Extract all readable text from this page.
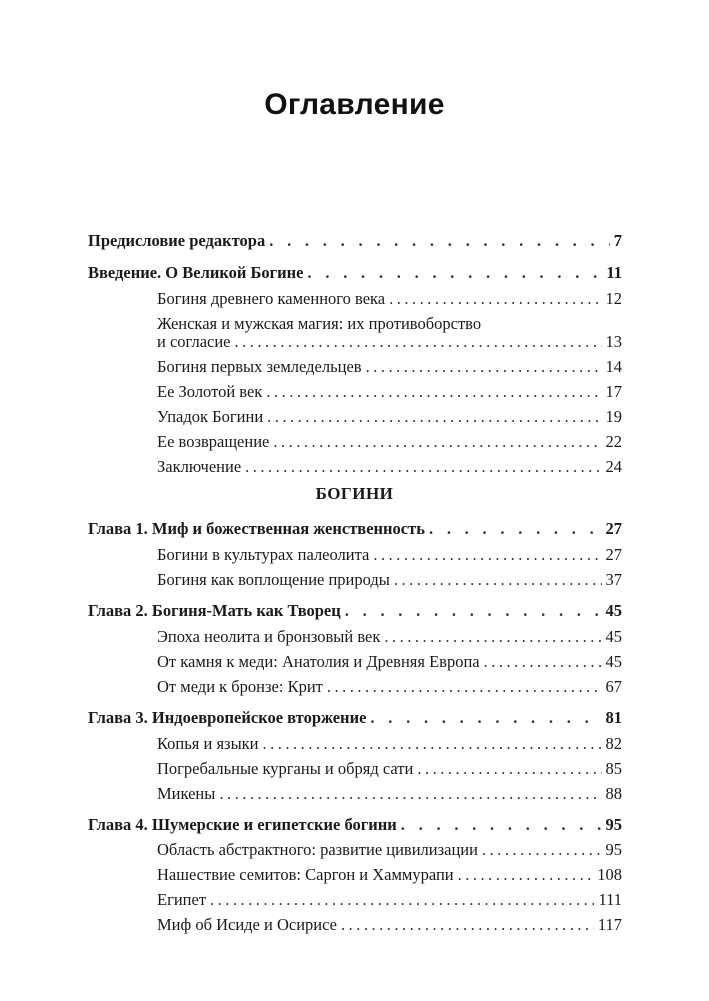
Оглавление
Предисловие редактора . . .	7
Введение. О Великой Богине . . .	11
Богиня древнего каменного века .....	12
Женская и мужская магия: их противоборство
и согласие .....	13
Богиня первых земледельцев .....	14
Ее Золотой век .....	17
Упадок Богини .....	19
Ее возвращение .....	22
Заключение .....	24
БОГИНИ
Глава 1. Миф и божественная женственность . . .	27
Богини в культурах палеолита .....	27
Богиня как воплощение природы .....	37
Глава 2. Богиня-Мать как Творец . . .	45
Эпоха неолита и бронзовый век .....	45
От камня к меди: Анатолия и Древняя Европа .....	45
От меди к бронзе: Крит .....	67
Глава 3. Индоевропейское вторжение . . .	81
Копья и языки .....	82
Погребальные курганы и обряд сати .....	85
Микены .....	88
Глава 4. Шумерские и египетские богини . . .	95
Область абстрактного: развитие цивилизации .....	95
Нашествие семитов: Саргон и Хаммурапи .....	108
Египет .....	111
Миф об Исиде и Осирисе .....	117
